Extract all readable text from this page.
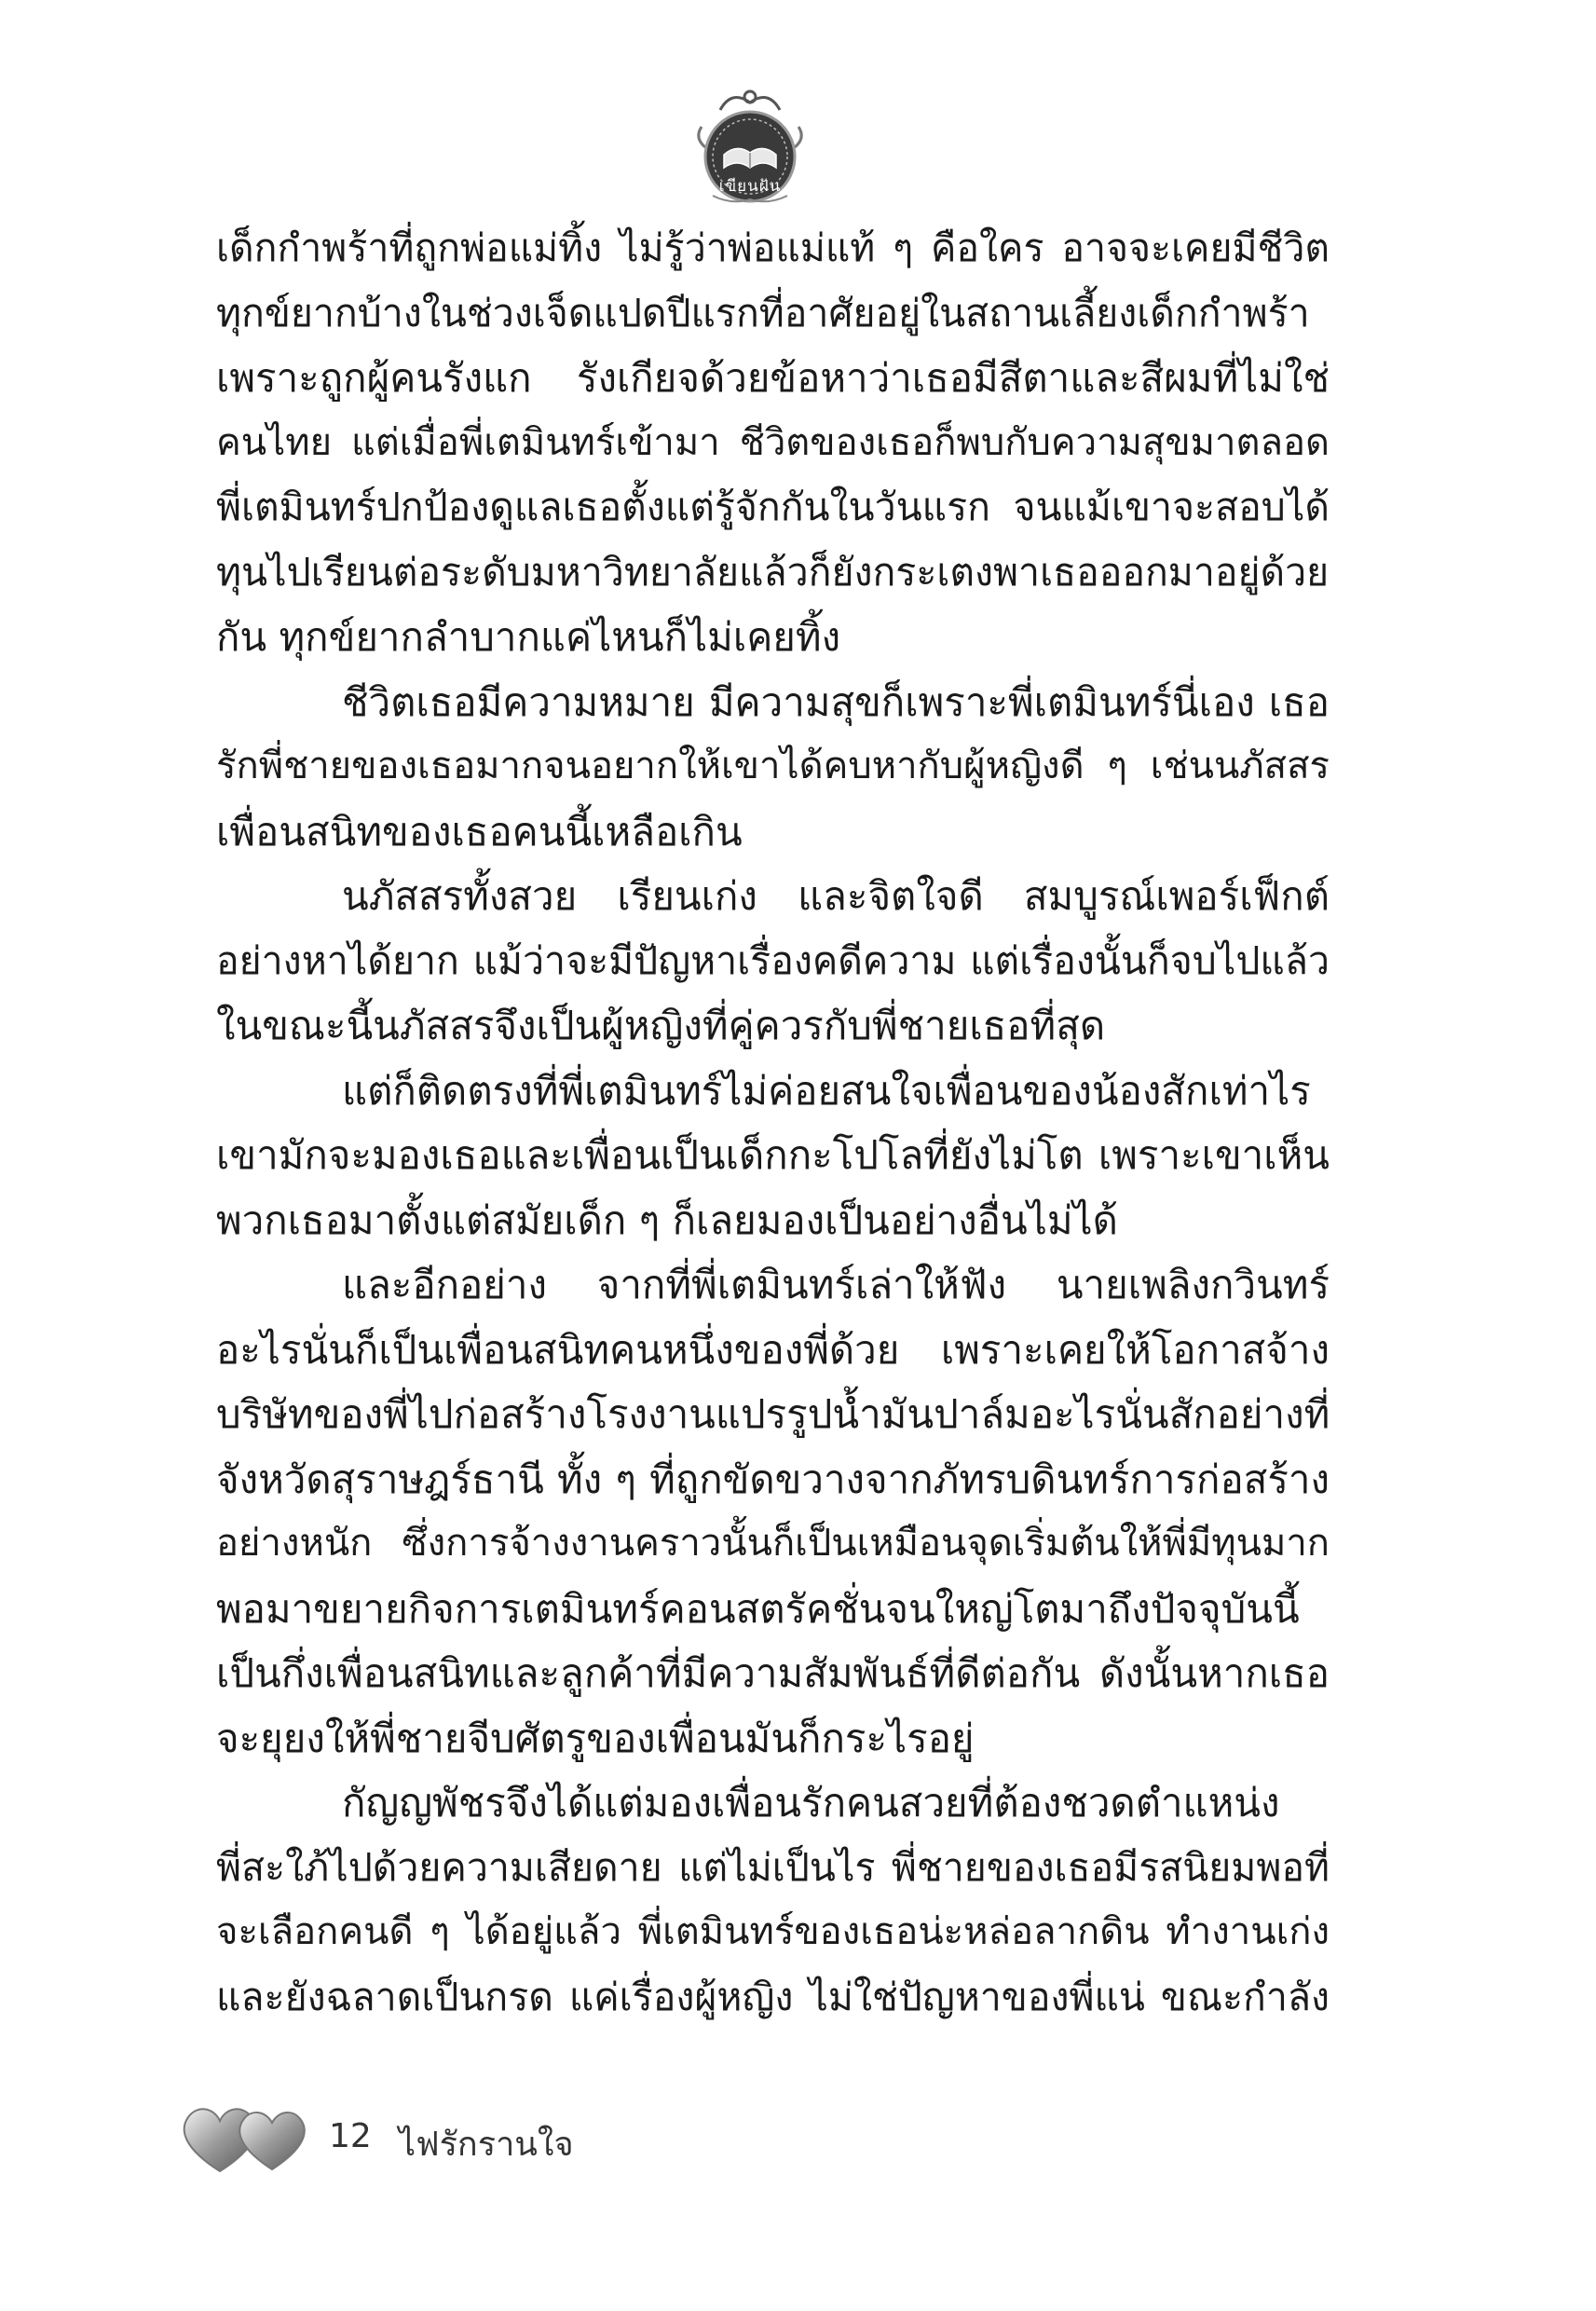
เขียนฝัน
เด็กกำพร้าที่ถูกพ่อแม่ทิ้ง ไม่รู้ว่าพ่อแม่แท้ ๆ คือใคร อาจจะเคยมีชีวิต
ทุกข์ยากบ้างในช่วงเจ็ดแปดปีแรกที่อาศัยอยู่ในสถานเลี้ยงเด็กกำพร้า
เพราะถูกผู้คนรังแก รังเกียจด้วยข้อหาว่าเธอมีสีตาและสีผมที่ไม่ใช่
คนไทย แต่เมื่อพี่เตมินทร์เข้ามา ชีวิตของเธอก็พบกับความสุขมาตลอด
พี่เตมินทร์ปกป้องดูแลเธอตั้งแต่รู้จักกันในวันแรก จนแม้เขาจะสอบได้
ทุนไปเรียนต่อระดับมหาวิทยาลัยแล้วก็ยังกระเตงพาเธอออกมาอยู่ด้วย
กัน ทุกข์ยากลำบากแค่ไหนก็ไม่เคยทิ้ง
ชีวิตเธอมีความหมาย มีความสุขก็เพราะพี่เตมินทร์นี่เอง เธอ
รักพี่ชายของเธอมากจนอยากให้เขาได้คบหากับผู้หญิงดี ๆ เช่นนภัสสร
เพื่อนสนิทของเธอคนนี้เหลือเกิน
นภัสสรทั้งสวย เรียนเก่ง และจิตใจดี สมบูรณ์เพอร์เฟ็กต์
อย่างหาได้ยาก แม้ว่าจะมีปัญหาเรื่องคดีความ แต่เรื่องนั้นก็จบไปแล้ว
ในขณะนี้นภัสสรจึงเป็นผู้หญิงที่คู่ควรกับพี่ชายเธอที่สุด
แต่ก็ติดตรงที่พี่เตมินทร์ไม่ค่อยสนใจเพื่อนของน้องสักเท่าไร
เขามักจะมองเธอและเพื่อนเป็นเด็กกะโปโลที่ยังไม่โต เพราะเขาเห็น
พวกเธอมาตั้งแต่สมัยเด็ก ๆ ก็เลยมองเป็นอย่างอื่นไม่ได้
และอีกอย่าง จากที่พี่เตมินทร์เล่าให้ฟัง นายเพลิงกวินทร์
อะไรนั่นก็เป็นเพื่อนสนิทคนหนึ่งของพี่ด้วย เพราะเคยให้โอกาสจ้าง
บริษัทของพี่ไปก่อสร้างโรงงานแปรรูปน้ำมันปาล์มอะไรนั่นสักอย่างที่
จังหวัดสุราษฎร์ธานี ทั้ง ๆ ที่ถูกขัดขวางจากภัทรบดินทร์การก่อสร้าง
อย่างหนัก ซึ่งการจ้างงานคราวนั้นก็เป็นเหมือนจุดเริ่มต้นให้พี่มีทุนมาก
พอมาขยายกิจการเตมินทร์คอนสตรัคชั่นจนใหญ่โตมาถึงปัจจุบันนี้
เป็นกึ่งเพื่อนสนิทและลูกค้าที่มีความสัมพันธ์ที่ดีต่อกัน ดังนั้นหากเธอ
จะยุยงให้พี่ชายจีบศัตรูของเพื่อนมันก็กระไรอยู่
กัญญพัชรจึงได้แต่มองเพื่อนรักคนสวยที่ต้องชวดตำแหน่ง
พี่สะใภ้ไปด้วยความเสียดาย แต่ไม่เป็นไร พี่ชายของเธอมีรสนิยมพอที่
จะเลือกคนดี ๆ ได้อยู่แล้ว พี่เตมินทร์ของเธอน่ะหล่อลากดิน ทำงานเก่ง
และยังฉลาดเป็นกรด แค่เรื่องผู้หญิง ไม่ใช่ปัญหาของพี่แน่ ขณะกำลัง
12 ไฟรักรานใจ
